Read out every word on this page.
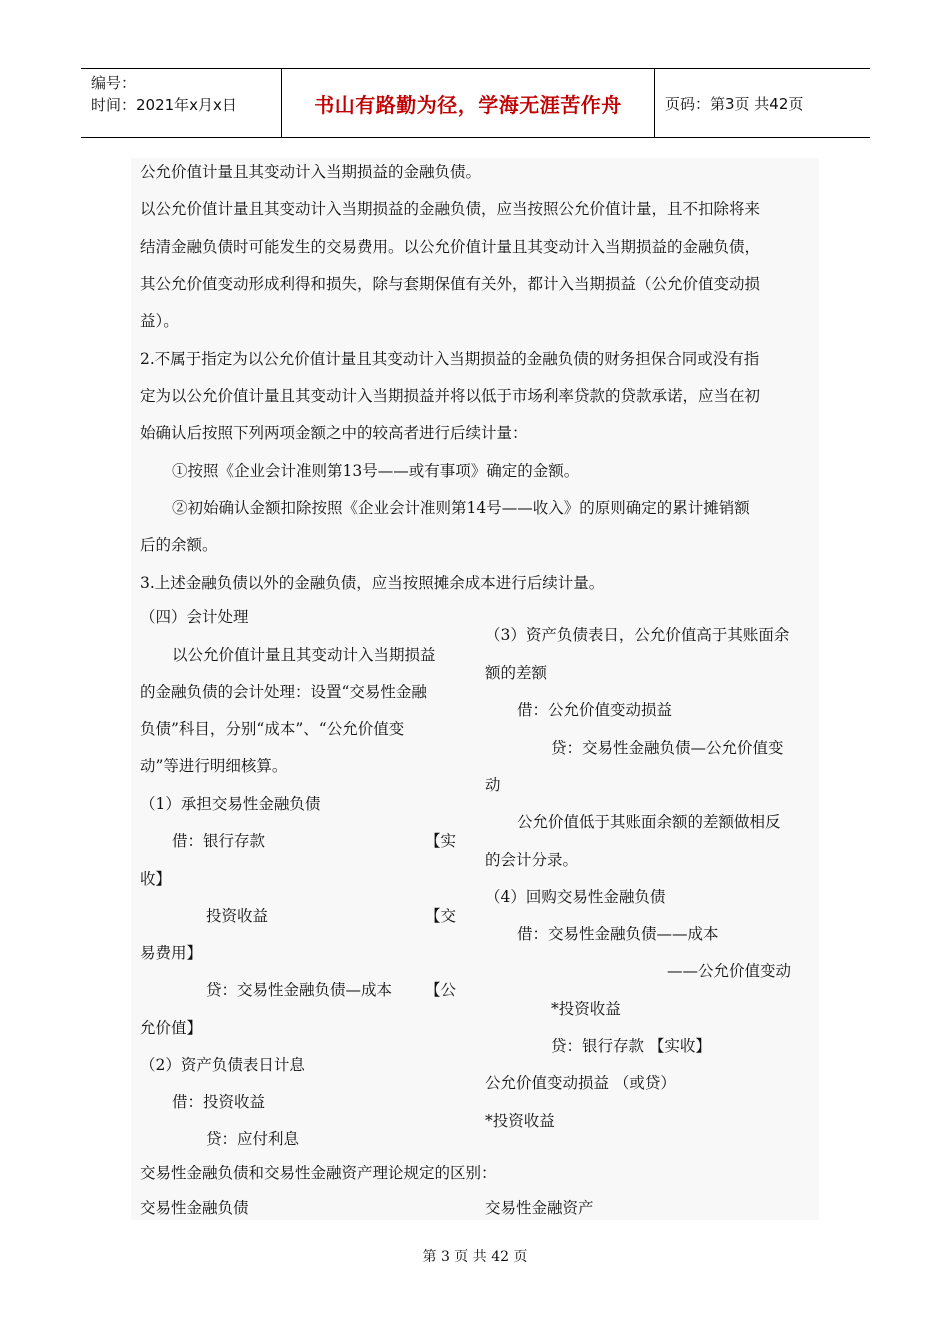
编号：
时间：2021年x月x日	书山有路勤为径，学海无涯苦作舟	页码：第3页 共42页
公允价值计量且其变动计入当期损益的金融负债。
以公允价值计量且其变动计入当期损益的金融负债，应当按照公允价值计量，且不扣除将来
结清金融负债时可能发生的交易费用。以公允价值计量且其变动计入当期损益的金融负债，
其公允价值变动形成利得和损失，除与套期保值有关外，都计入当期损益（公允价值变动损
益）。
2.不属于指定为以公允价值计量且其变动计入当期损益的金融负债的财务担保合同或没有指
定为以公允价值计量且其变动计入当期损益并将以低于市场利率贷款的贷款承诺，应当在初
始确认后按照下列两项金额之中的较高者进行后续计量：
①按照《企业会计准则第13号——或有事项》确定的金额。
②初始确认金额扣除按照《企业会计准则第14号——收入》的原则确定的累计摊销额
后的余额。
3.上述金融负债以外的金融负债，应当按照摊余成本进行后续计量。
（四）会计处理
以公允价值计量且其变动计入当期损益
的金融负债的会计处理：设置“交易性金融
负债”科目，分别“成本”、“公允价值变
动”等进行明细核算。
（1）承担交易性金融负债
借：银行存款	【实
收】
投资收益	【交
易费用】
贷：交易性金融负债—成本 【公
允价值】
（2）资产负债表日计息
借：投资收益
贷：应付利息
（3）资产负债表日，公允价值高于其账面余
额的差额
借：公允价值变动损益
贷：交易性金融负债—公允价值变
动
公允价值低于其账面余额的差额做相反
的会计分录。
（4）回购交易性金融负债
借：交易性金融负债——成本
——公允价值变动
*投资收益
贷：银行存款 【实收】
公允价值变动损益 （或贷）
*投资收益
交易性金融负债和交易性金融资产理论规定的区别：
交易性金融负债	交易性金融资产
第 3 页 共 42 页
